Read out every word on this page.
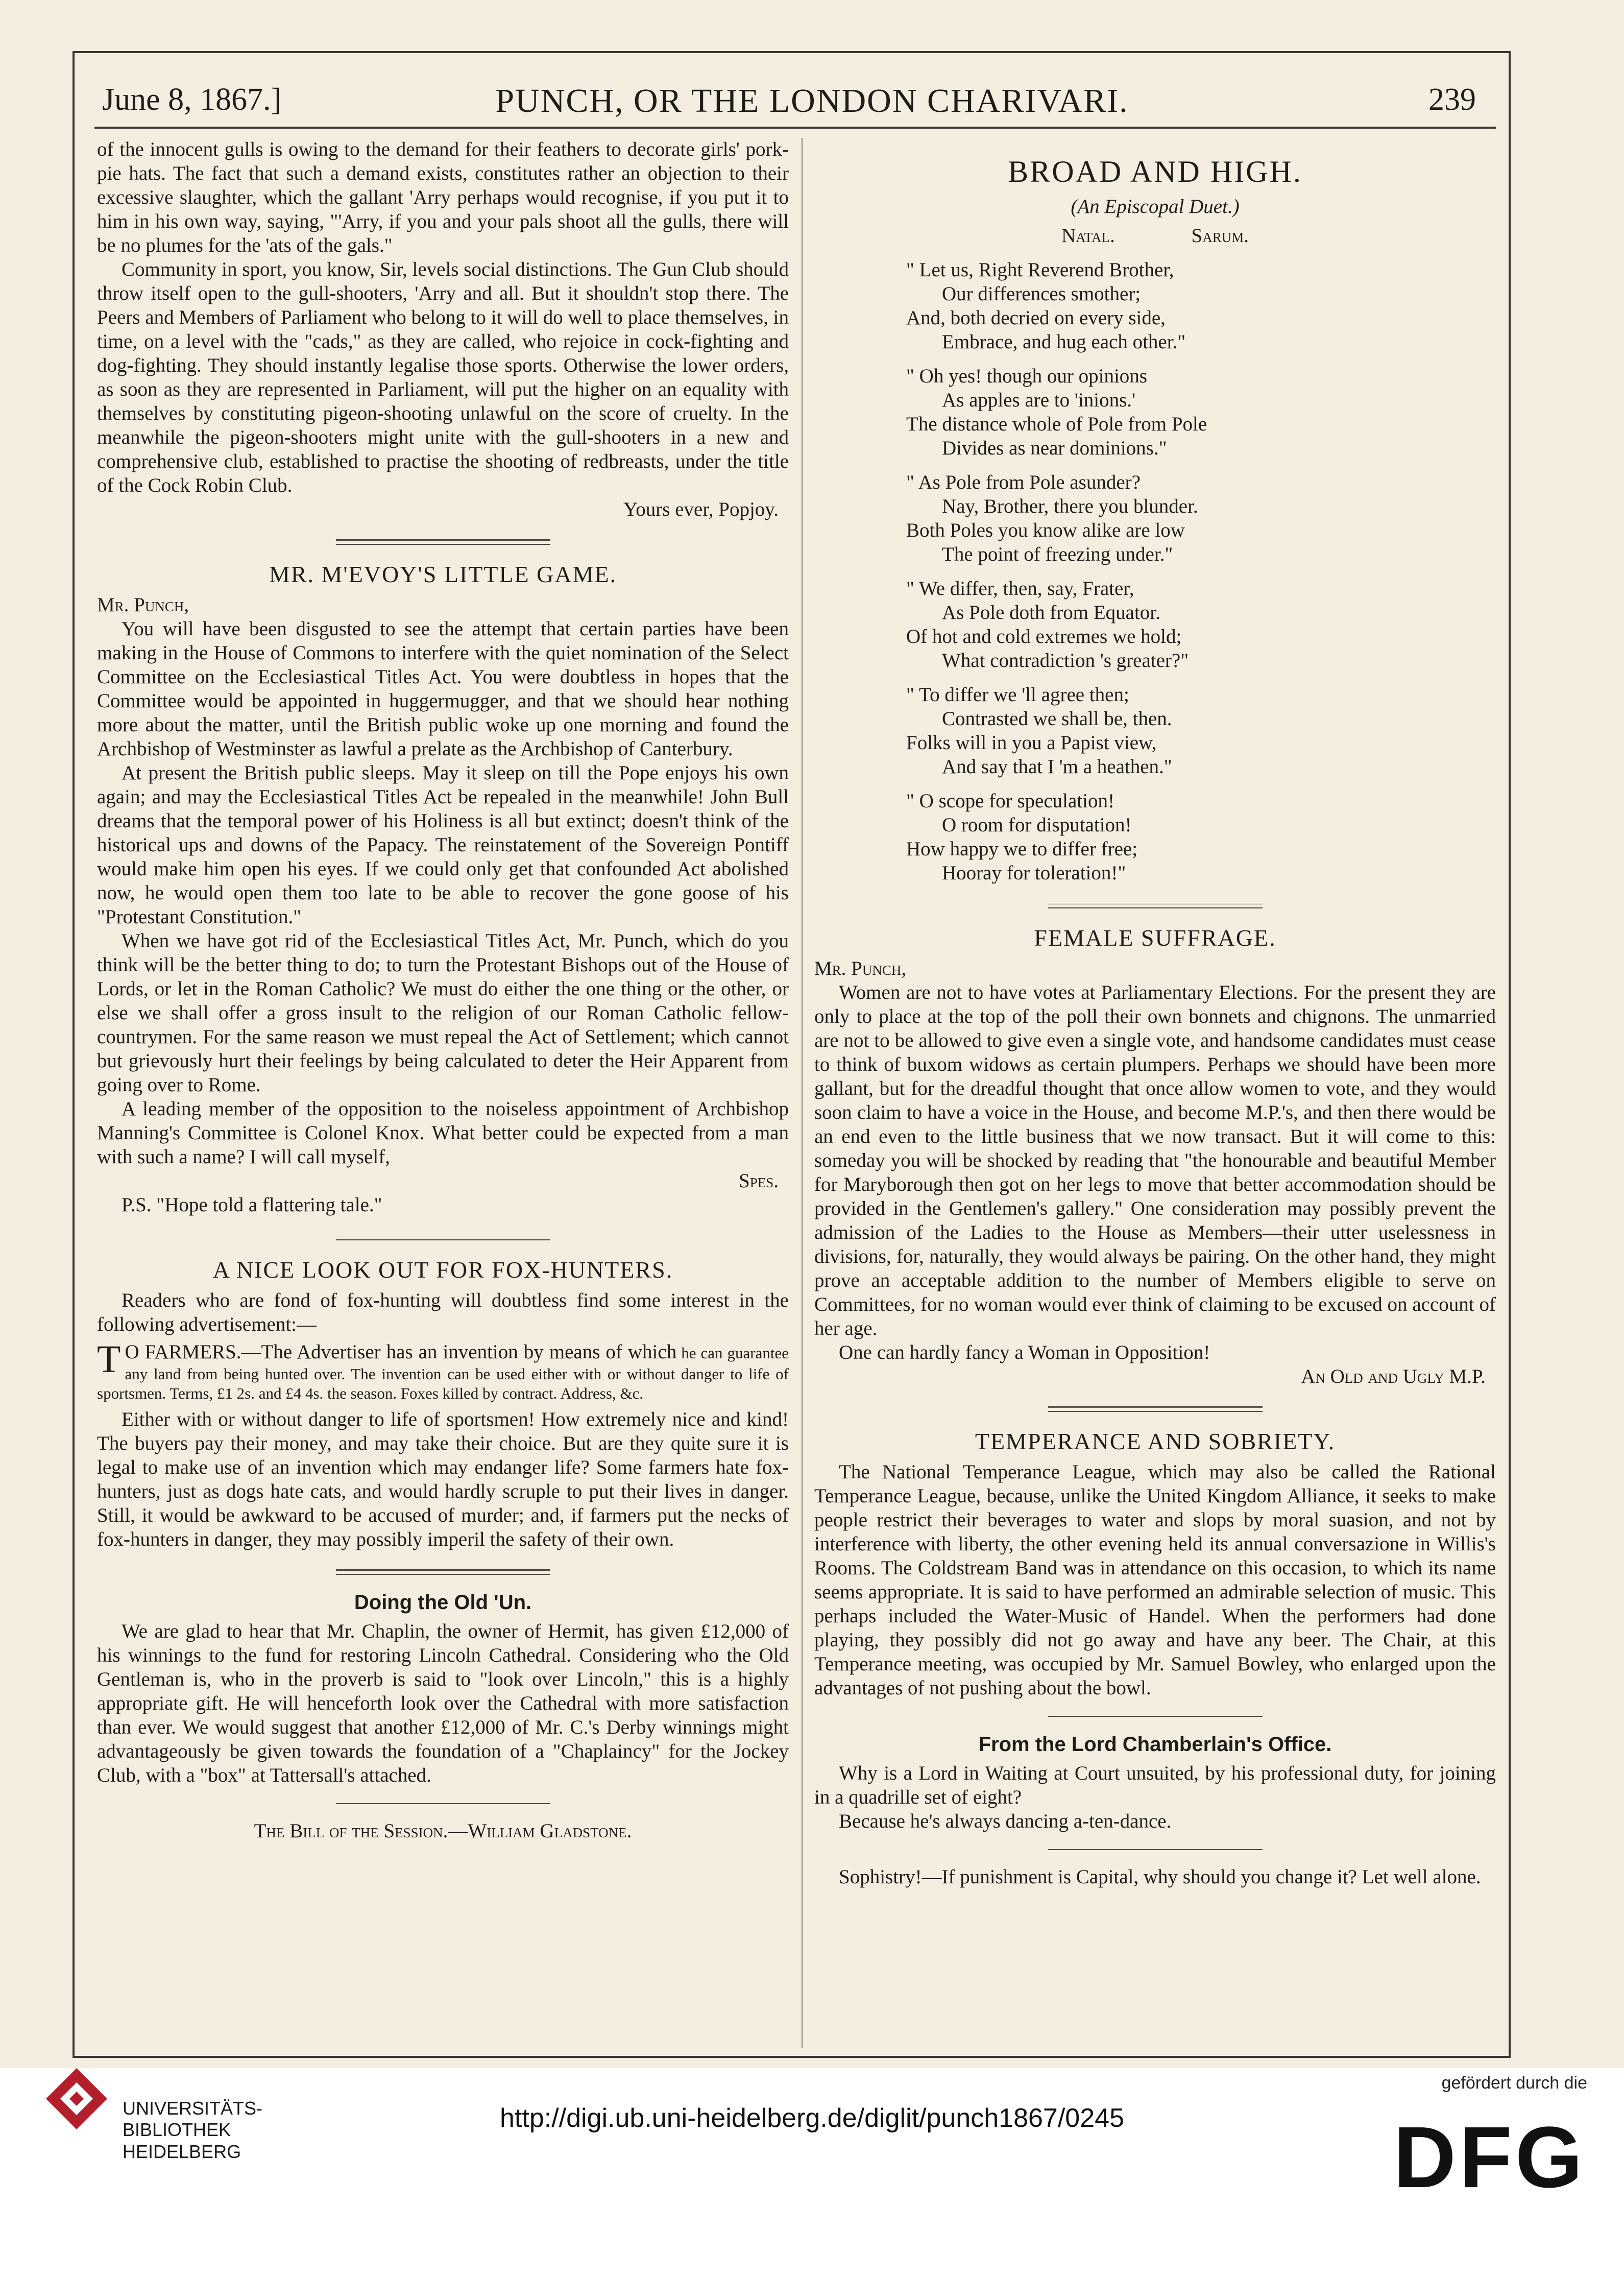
PUNCH, OR THE LONDON CHARIVARI.
June 8, 1867.]	239

of the innocent gulls is owing to the demand for their feathers to decorate girls' pork-pie hats. The fact that such a demand exists, constitutes rather an objection to their excessive slaughter, which the gallant 'Arry perhaps would recognise, if you put it to him in his own way, saying, "'Arry, if you and your pals shoot all the gulls, there will be no plumes for the 'ats of the gals."

Community in sport, you know, Sir, levels social distinctions. The Gun Club should throw itself open to the gull-shooters, 'Arry and all. But it shouldn't stop there. The Peers and Members of Parliament who belong to it will do well to place themselves, in time, on a level with the "cads," as they are called, who rejoice in cock-fighting and dog-fighting. They should instantly legalise those sports. Otherwise the lower orders, as soon as they are represented in Parliament, will put the higher on an equality with themselves by constituting pigeon-shooting unlawful on the score of cruelty. In the meanwhile the pigeon-shooters might unite with the gull-shooters in a new and comprehensive club, established to practise the shooting of redbreasts, under the title of the Cock Robin Club.

Yours ever, Popjoy.

MR. M'EVOY'S LITTLE GAME.

Mr. Punch,

You will have been disgusted to see the attempt that certain parties have been making in the House of Commons to interfere with the quiet nomination of the Select Committee on the Ecclesiastical Titles Act. You were doubtless in hopes that the Committee would be appointed in huggermugger, and that we should hear nothing more about the matter, until the British public woke up one morning and found the Archbishop of Westminster as lawful a prelate as the Archbishop of Canterbury.

At present the British public sleeps. May it sleep on till the Pope enjoys his own again; and may the Ecclesiastical Titles Act be repealed in the meanwhile! John Bull dreams that the temporal power of his Holiness is all but extinct; doesn't think of the historical ups and downs of the Papacy. The reinstatement of the Sovereign Pontiff would make him open his eyes. If we could only get that confounded Act abolished now, he would open them too late to be able to recover the gone goose of his "Protestant Constitution."

When we have got rid of the Ecclesiastical Titles Act, Mr. Punch, which do you think will be the better thing to do; to turn the Protestant Bishops out of the House of Lords, or let in the Roman Catholic? We must do either the one thing or the other, or else we shall offer a gross insult to the religion of our Roman Catholic fellow-countrymen. For the same reason we must repeal the Act of Settlement; which cannot but grievously hurt their feelings by being calculated to deter the Heir Apparent from going over to Rome.

A leading member of the opposition to the noiseless appointment of Archbishop Manning's Committee is Colonel Knox. What better could be expected from a man with such a name? I will call myself,

Spes.

P.S. "Hope told a flattering tale."

A NICE LOOK OUT FOR FOX-HUNTERS.

Readers who are fond of fox-hunting will doubtless find some interest in the following advertisement:—

T O FARMERS.—The Advertiser has an invention by means of which he can guarantee any land from being hunted over. The invention can be used either with or without danger to life of sportsmen. Terms, £1 2s. and £4 4s. the season. Foxes killed by contract. Address, &c.

Either with or without danger to life of sportsmen! How extremely nice and kind! The buyers pay their money, and may take their choice. But are they quite sure it is legal to make use of an invention which may endanger life? Some farmers hate fox-hunters, just as dogs hate cats, and would hardly scruple to put their lives in danger. Still, it would be awkward to be accused of murder; and, if farmers put the necks of fox-hunters in danger, they may possibly imperil the safety of their own.

Doing the Old 'Un.

We are glad to hear that Mr. Chaplin, the owner of Hermit, has given £12,000 of his winnings to the fund for restoring Lincoln Cathedral. Considering who the Old Gentleman is, who in the proverb is said to "look over Lincoln," this is a highly appropriate gift. He will henceforth look over the Cathedral with more satisfaction than ever. We would suggest that another £12,000 of Mr. C.'s Derby winnings might advantageously be given towards the foundation of a "Chaplaincy" for the Jockey Club, with a "box" at Tattersall's attached.

The Bill of the Session.—William Gladstone.

BROAD AND HIGH.
(An Episcopal Duet.)
Natal.	Sarum.
" Let us, Right Reverend Brother,
Our differences smother;
And, both decried on every side,
Embrace, and hug each other."
" Oh yes! though our opinions
As apples are to 'inions.'
The distance whole of Pole from Pole
Divides as near dominions."
" As Pole from Pole asunder?
Nay, Brother, there you blunder.
Both Poles you know alike are low
The point of freezing under."
" We differ, then, say, Frater,
As Pole doth from Equator.
Of hot and cold extremes we hold;
What contradiction 's greater?"
" To differ we 'll agree then;
Contrasted we shall be, then.
Folks will in you a Papist view,
And say that I 'm a heathen."
" O scope for speculation!
O room for disputation!
How happy we to differ free;
Hooray for toleration!"
FEMALE SUFFRAGE.

Mr. Punch,

Women are not to have votes at Parliamentary Elections. For the present they are only to place at the top of the poll their own bonnets and chignons. The unmarried are not to be allowed to give even a single vote, and handsome candidates must cease to think of buxom widows as certain plumpers. Perhaps we should have been more gallant, but for the dreadful thought that once allow women to vote, and they would soon claim to have a voice in the House, and become M.P.'s, and then there would be an end even to the little business that we now transact. But it will come to this: someday you will be shocked by reading that "the honourable and beautiful Member for Maryborough then got on her legs to move that better accommodation should be provided in the Gentlemen's gallery." One consideration may possibly prevent the admission of the Ladies to the House as Members—their utter uselessness in divisions, for, naturally, they would always be pairing. On the other hand, they might prove an acceptable addition to the number of Members eligible to serve on Committees, for no woman would ever think of claiming to be excused on account of her age.

One can hardly fancy a Woman in Opposition!

An Old and Ugly M.P.

TEMPERANCE AND SOBRIETY.

The National Temperance League, which may also be called the Rational Temperance League, because, unlike the United Kingdom Alliance, it seeks to make people restrict their beverages to water and slops by moral suasion, and not by interference with liberty, the other evening held its annual conversazione in Willis's Rooms. The Coldstream Band was in attendance on this occasion, to which its name seems appropriate. It is said to have performed an admirable selection of music. This perhaps included the Water-Music of Handel. When the performers had done playing, they possibly did not go away and have any beer. The Chair, at this Temperance meeting, was occupied by Mr. Samuel Bowley, who enlarged upon the advantages of not pushing about the bowl.

From the Lord Chamberlain's Office.

Why is a Lord in Waiting at Court unsuited, by his professional duty, for joining in a quadrille set of eight?

Because he's always dancing a-ten-dance.

Sophistry!—If punishment is Capital, why should you change it? Let well alone.

UNIVERSITÄTS-
BIBLIOTHEK
HEIDELBERG
http://digi.ub.uni-heidelberg.de/diglit/punch1867/0245
gefördert durch die
DFG
